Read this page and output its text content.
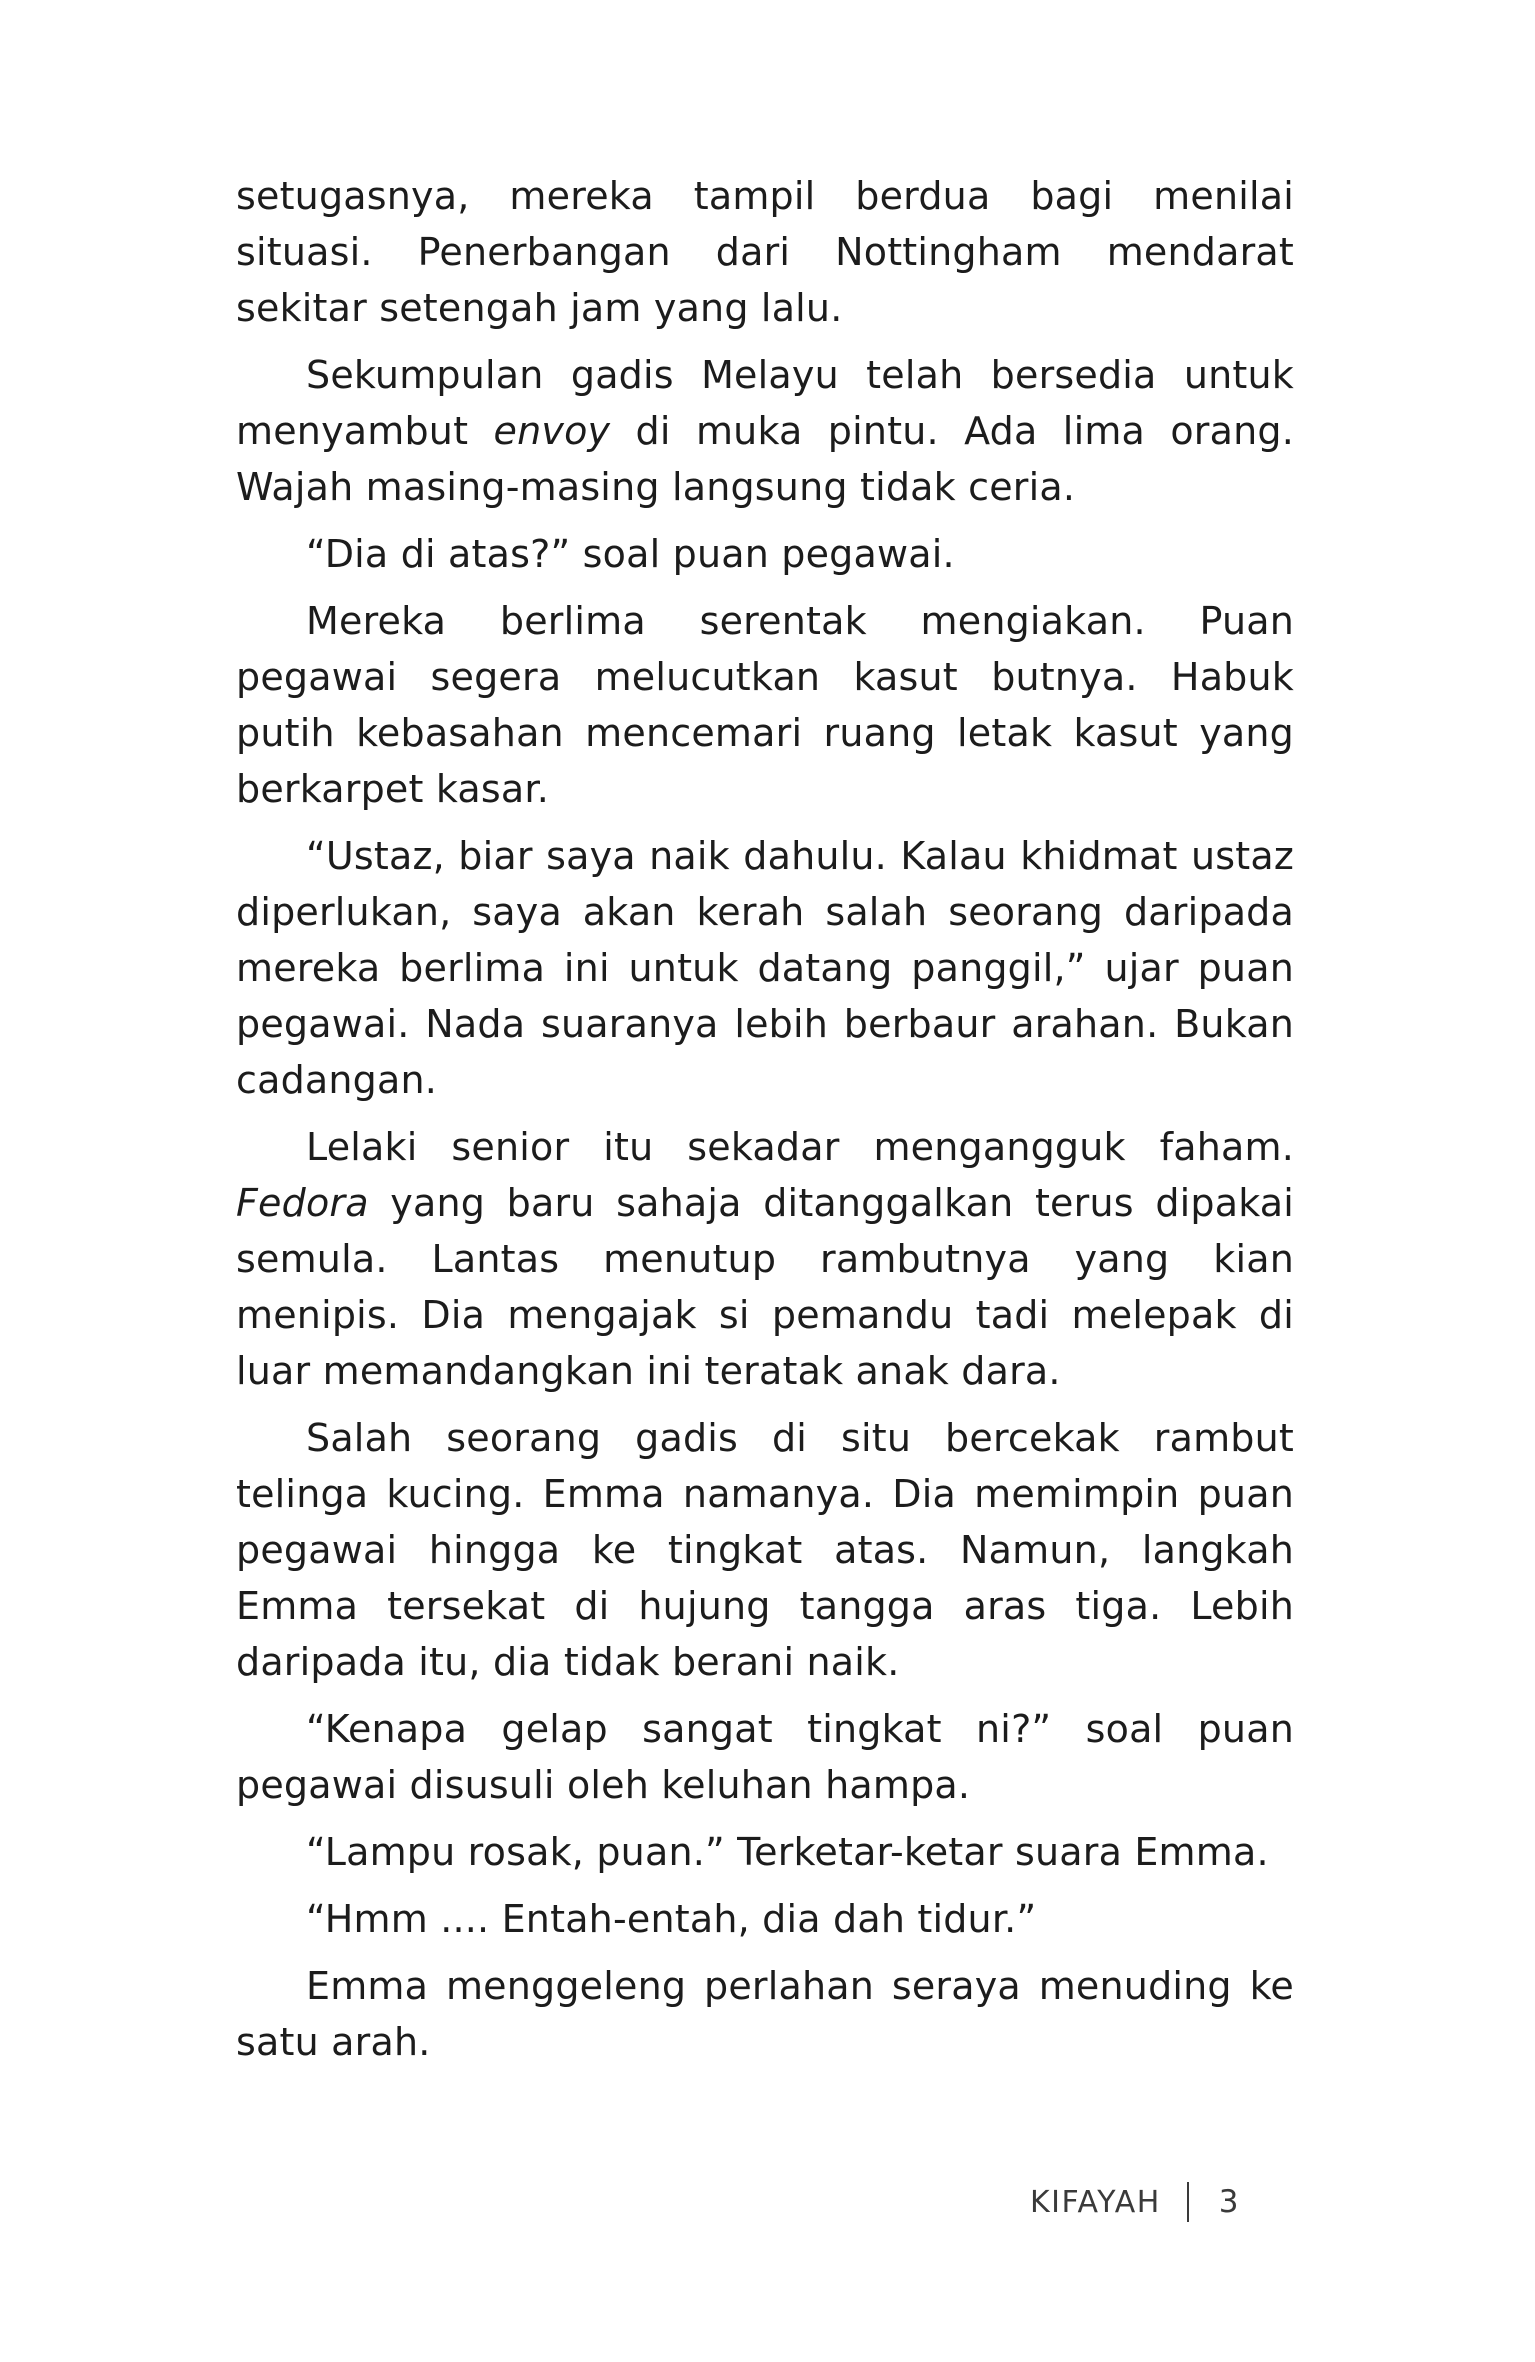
setugasnya, mereka tampil berdua bagi menilai situasi. Penerbangan dari Nottingham mendarat sekitar setengah jam yang lalu.

Sekumpulan gadis Melayu telah bersedia untuk menyambut envoy di muka pintu. Ada lima orang. Wajah masing-masing langsung tidak ceria.

“Dia di atas?” soal puan pegawai.

Mereka berlima serentak mengiakan. Puan pegawai segera melucutkan kasut butnya. Habuk putih kebasahan mencemari ruang letak kasut yang berkarpet kasar.

“Ustaz, biar saya naik dahulu. Kalau khidmat ustaz diperlukan, saya akan kerah salah seorang daripada mereka berlima ini untuk datang panggil,” ujar puan pegawai. Nada suaranya lebih berbaur arahan. Bukan cadangan.

Lelaki senior itu sekadar mengangguk faham. Fedora yang baru sahaja ditanggalkan terus dipakai semula. Lantas menutup rambutnya yang kian menipis. Dia mengajak si pemandu tadi melepak di luar memandangkan ini teratak anak dara.

Salah seorang gadis di situ bercekak rambut telinga kucing. Emma namanya. Dia memimpin puan pegawai hingga ke tingkat atas. Namun, langkah Emma tersekat di hujung tangga aras tiga. Lebih daripada itu, dia tidak berani naik.

“Kenapa gelap sangat tingkat ni?” soal puan pegawai disusuli oleh keluhan hampa.

“Lampu rosak, puan.” Terketar-ketar suara Emma.

“Hmm .... Entah-entah, dia dah tidur.”

Emma menggeleng perlahan seraya menuding ke satu arah.

KIFAYAH 3
